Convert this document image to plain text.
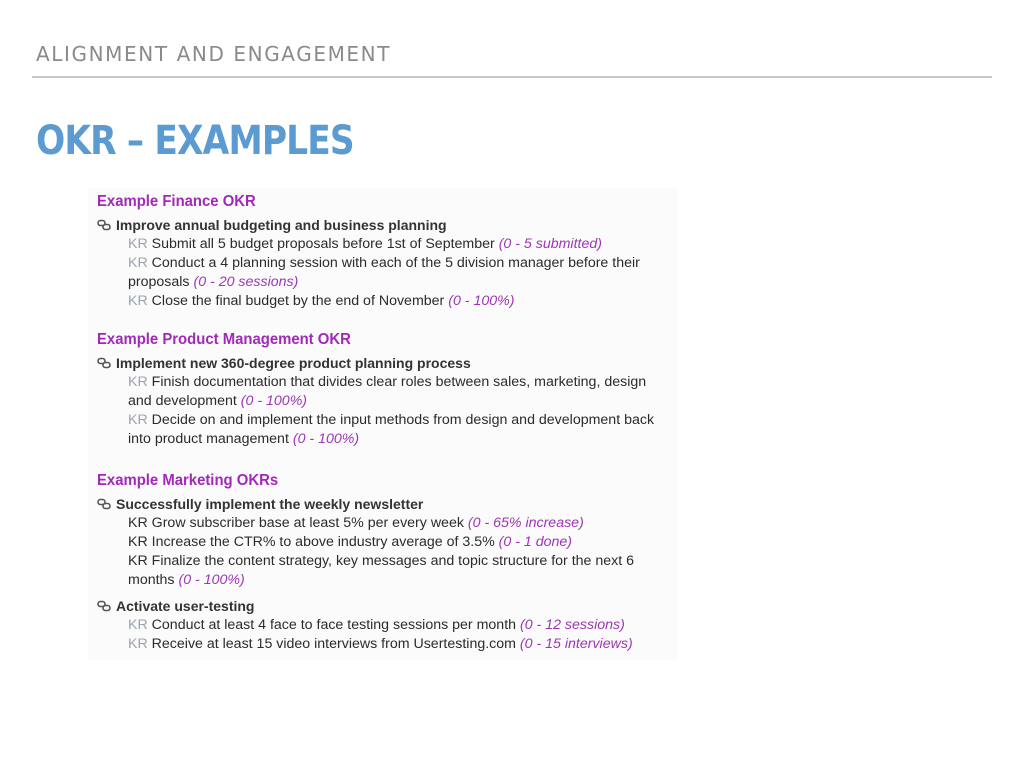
ALIGNMENT AND ENGAGEMENT
OKR – EXAMPLES
Example Finance OKR
Improve annual budgeting and business planning
KR Submit all 5 budget proposals before 1st of September (0 - 5 submitted)
KR Conduct a 4 planning session with each of the 5 division manager before their proposals (0 - 20 sessions)
KR Close the final budget by the end of November (0 - 100%)
Example Product Management OKR
Implement new 360-degree product planning process
KR Finish documentation that divides clear roles between sales, marketing, design and development (0 - 100%)
KR Decide on and implement the input methods from design and development back into product management (0 - 100%)
Example Marketing OKRs
Successfully implement the weekly newsletter
KR Grow subscriber base at least 5% per every week (0 - 65% increase)
KR Increase the CTR% to above industry average of 3.5% (0 - 1 done)
KR Finalize the content strategy, key messages and topic structure for the next 6 months (0 - 100%)
Activate user-testing
KR Conduct at least 4 face to face testing sessions per month (0 - 12 sessions)
KR Receive at least 15 video interviews from Usertesting.com (0 - 15 interviews)
